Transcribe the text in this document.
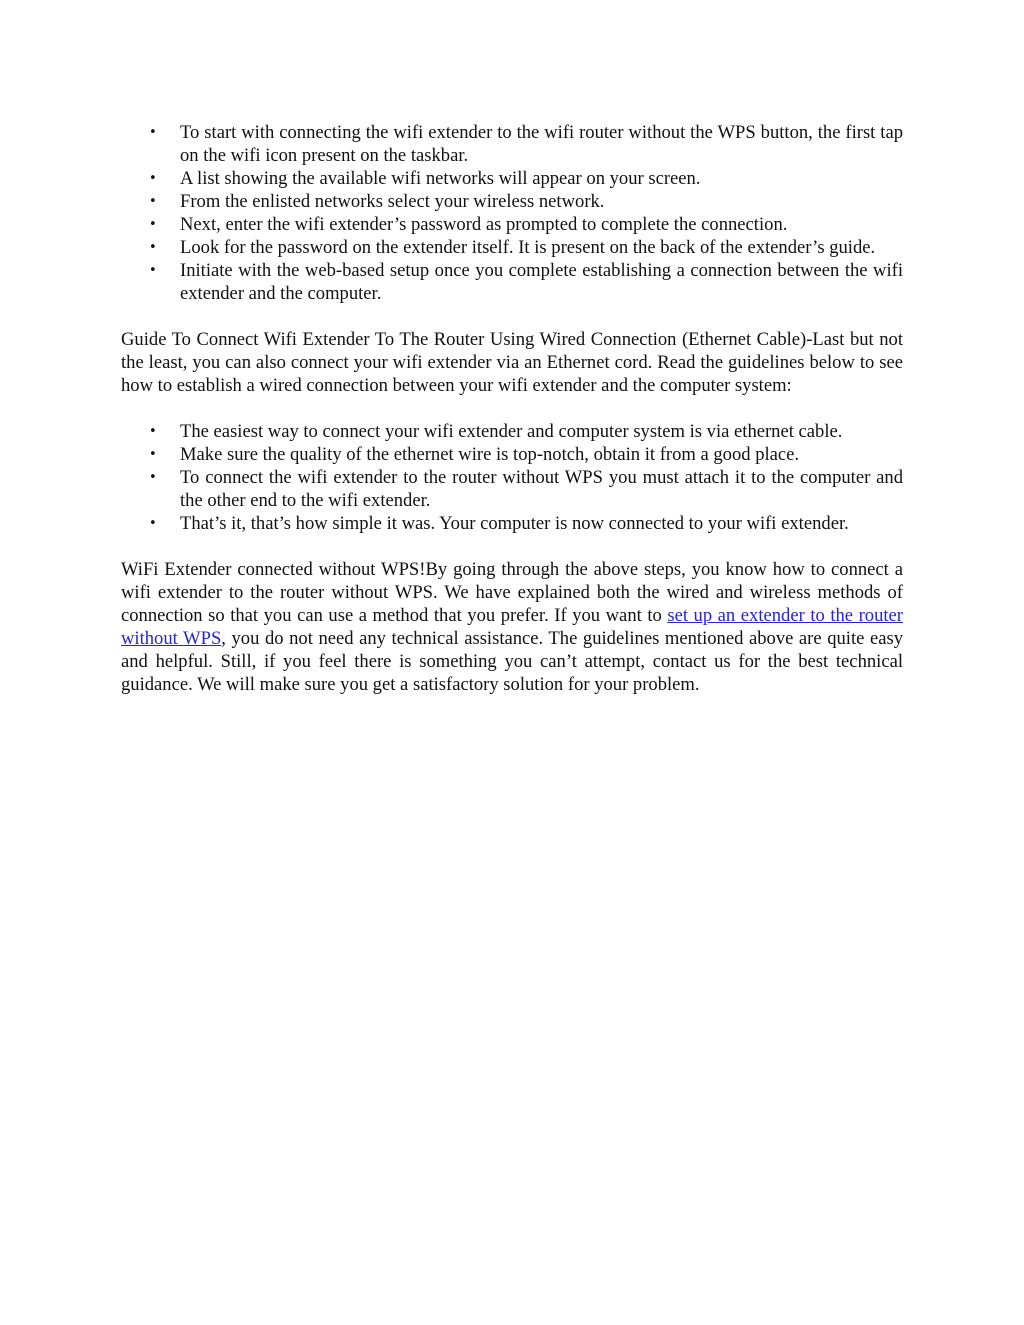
• To start with connecting the wifi extender to the wifi router without the WPS button, the first tap on the wifi icon present on the taskbar.
• A list showing the available wifi networks will appear on your screen.
• From the enlisted networks select your wireless network.
• Next, enter the wifi extender’s password as prompted to complete the connection.
• Look for the password on the extender itself. It is present on the back of the extender’s guide.
• Initiate with the web-based setup once you complete establishing a connection between the wifi extender and the computer.

Guide To Connect Wifi Extender To The Router Using Wired Connection (Ethernet Cable)-Last but not the least, you can also connect your wifi extender via an Ethernet cord. Read the guidelines below to see how to establish a wired connection between your wifi extender and the computer system:

• The easiest way to connect your wifi extender and computer system is via ethernet cable.
• Make sure the quality of the ethernet wire is top-notch, obtain it from a good place.
• To connect the wifi extender to the router without WPS you must attach it to the computer and the other end to the wifi extender.
• That’s it, that’s how simple it was. Your computer is now connected to your wifi extender.

WiFi Extender connected without WPS!By going through the above steps, you know how to connect a wifi extender to the router without WPS. We have explained both the wired and wireless methods of connection so that you can use a method that you prefer. If you want to set up an extender to the router without WPS, you do not need any technical assistance. The guidelines mentioned above are quite easy and helpful. Still, if you feel there is something you can’t attempt, contact us for the best technical guidance. We will make sure you get a satisfactory solution for your problem.
